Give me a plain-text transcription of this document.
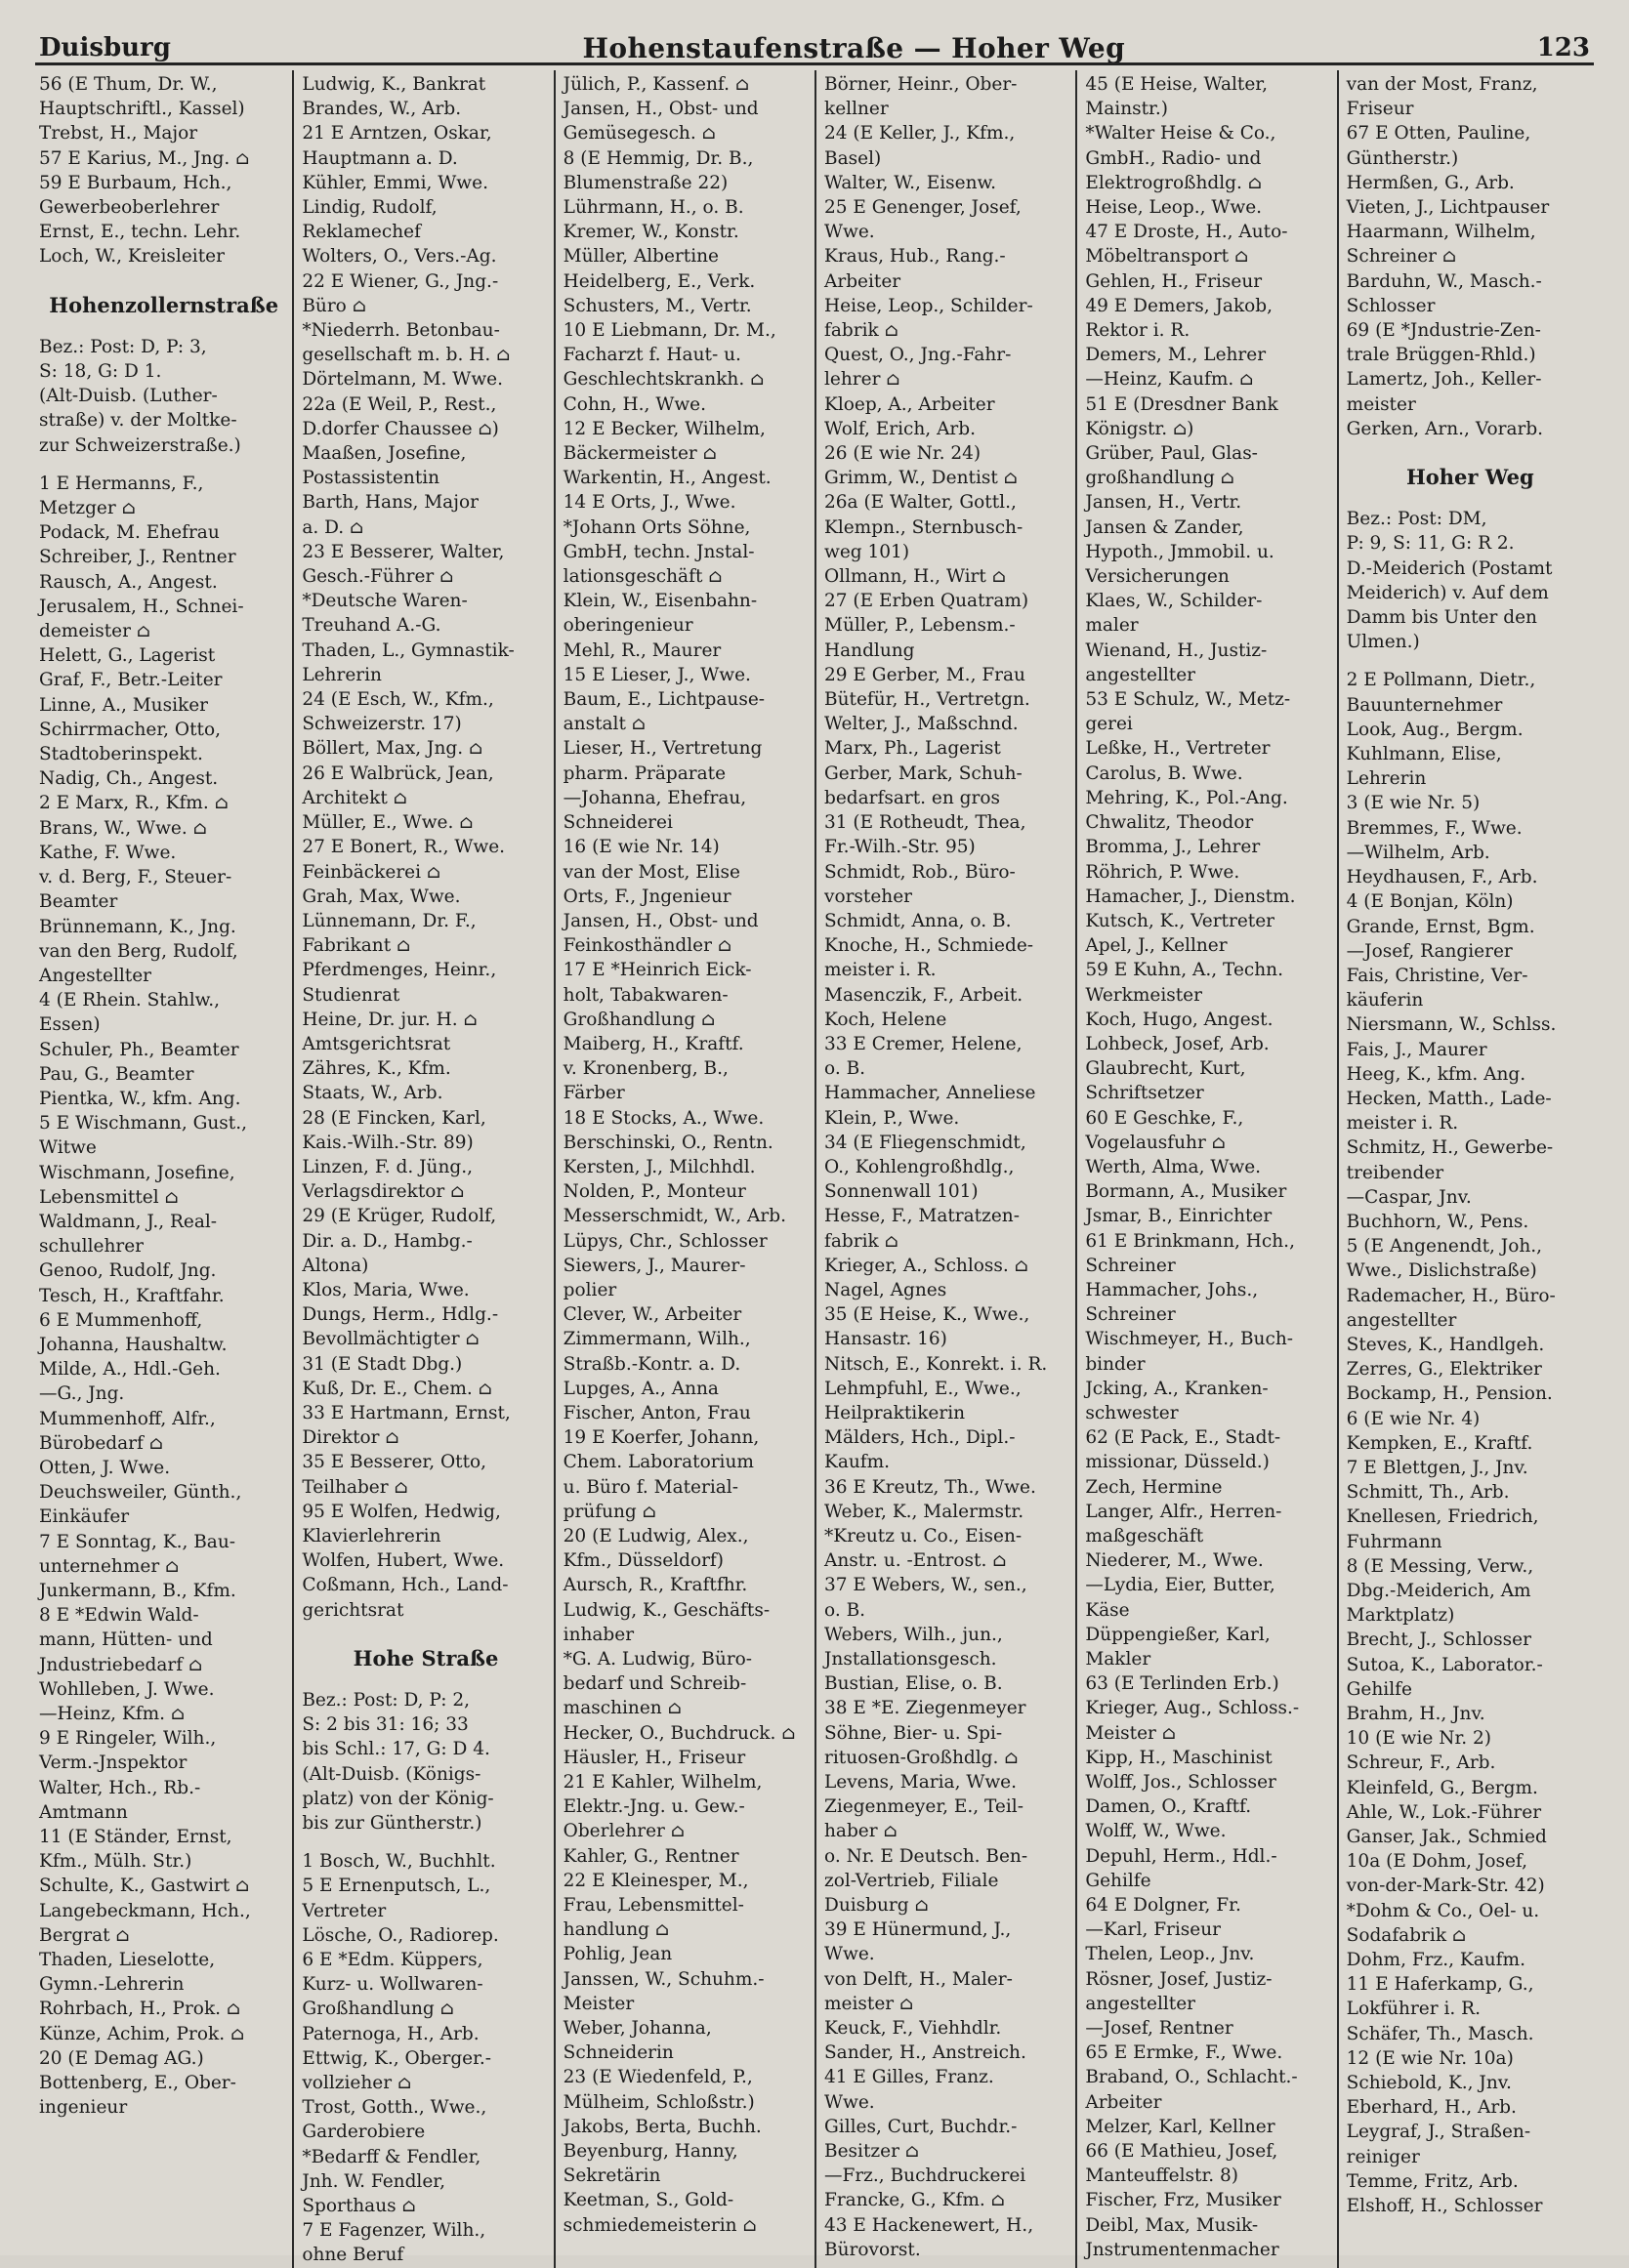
Duisburg	Hohenstaufenstraße — Hoher Weg	123
56 (E Thum, Dr. W.,
Hauptschriftl., Kassel)
Trebst, H., Major
57 E Karius, M., Jng. ⌂
59 E Burbaum, Hch.,
Gewerbeoberlehrer
Ernst, E., techn. Lehr.
Loch, W., Kreisleiter
Hohenzollernstraße
Bez.: Post: D, P: 3,
S: 18, G: D 1.
(Alt-Duisb. (Luther-
straße) v. der Moltke-
zur Schweizerstraße.)
1 E Hermanns, F.,
Metzger ⌂
Podack, M. Ehefrau
Schreiber, J., Rentner
Rausch, A., Angest.
Jerusalem, H., Schnei-
demeister ⌂
Helett, G., Lagerist
Graf, F., Betr.-Leiter
Linne, A., Musiker
Schirrmacher, Otto,
Stadtoberinspekt.
Nadig, Ch., Angest.
2 E Marx, R., Kfm. ⌂
Brans, W., Wwe. ⌂
Kathe, F. Wwe.
v. d. Berg, F., Steuer-
Beamter
Brünnemann, K., Jng.
van den Berg, Rudolf,
Angestellter
4 (E Rhein. Stahlw.,
Essen)
Schuler, Ph., Beamter
Pau, G., Beamter
Pientka, W., kfm. Ang.
5 E Wischmann, Gust.,
Witwe
Wischmann, Josefine,
Lebensmittel ⌂
Waldmann, J., Real-
schullehrer
Genoo, Rudolf, Jng.
Tesch, H., Kraftfahr.
6 E Mummenhoff,
Johanna, Haushaltw.
Milde, A., Hdl.-Geh.
—G., Jng.
Mummenhoff, Alfr.,
Bürobedarf ⌂
Otten, J. Wwe.
Deuchsweiler, Günth.,
Einkäufer
7 E Sonntag, K., Bau-
unternehmer ⌂
Junkermann, B., Kfm.
8 E *Edwin Wald-
mann, Hütten- und
Jndustriebedarf ⌂
Wohlleben, J. Wwe.
—Heinz, Kfm. ⌂
9 E Ringeler, Wilh.,
Verm.-Jnspektor
Walter, Hch., Rb.-
Amtmann
11 (E Ständer, Ernst,
Kfm., Mülh. Str.)
Schulte, K., Gastwirt ⌂
Langebeckmann, Hch.,
Bergrat ⌂
Thaden, Lieselotte,
Gymn.-Lehrerin
Rohrbach, H., Prok. ⌂
Künze, Achim, Prok. ⌂
20 (E Demag AG.)
Bottenberg, E., Ober-
ingenieur
Ludwig, K., Bankrat
Brandes, W., Arb.
21 E Arntzen, Oskar,
Hauptmann a. D.
Kühler, Emmi, Wwe.
Lindig, Rudolf,
Reklamechef
Wolters, O., Vers.-Ag.
22 E Wiener, G., Jng.-
Büro ⌂
*Niederrh. Betonbau-
gesellschaft m. b. H. ⌂
Dörtelmann, M. Wwe.
22a (E Weil, P., Rest.,
D.dorfer Chaussee ⌂)
Maaßen, Josefine,
Postassistentin
Barth, Hans, Major
a. D. ⌂
23 E Besserer, Walter,
Gesch.-Führer ⌂
*Deutsche Waren-
Treuhand A.-G.
Thaden, L., Gymnastik-
Lehrerin
24 (E Esch, W., Kfm.,
Schweizerstr. 17)
Böllert, Max, Jng. ⌂
26 E Walbrück, Jean,
Architekt ⌂
Müller, E., Wwe. ⌂
27 E Bonert, R., Wwe.
Feinbäckerei ⌂
Grah, Max, Wwe.
Lünnemann, Dr. F.,
Fabrikant ⌂
Pferdmenges, Heinr.,
Studienrat
Heine, Dr. jur. H. ⌂
Amtsgerichtsrat
Zähres, K., Kfm.
Staats, W., Arb.
28 (E Fincken, Karl,
Kais.-Wilh.-Str. 89)
Linzen, F. d. Jüng.,
Verlagsdirektor ⌂
29 (E Krüger, Rudolf,
Dir. a. D., Hambg.-
Altona)
Klos, Maria, Wwe.
Dungs, Herm., Hdlg.-
Bevollmächtigter ⌂
31 (E Stadt Dbg.)
Kuß, Dr. E., Chem. ⌂
33 E Hartmann, Ernst,
Direktor ⌂
35 E Besserer, Otto,
Teilhaber ⌂
95 E Wolfen, Hedwig,
Klavierlehrerin
Wolfen, Hubert, Wwe.
Coßmann, Hch., Land-
gerichtsrat
Hohe Straße
Bez.: Post: D, P: 2,
S: 2 bis 31: 16; 33
bis Schl.: 17, G: D 4.
(Alt-Duisb. (Königs-
platz) von der König-
bis zur Güntherstr.)
1 Bosch, W., Buchhlt.
5 E Ernenputsch, L.,
Vertreter
Lösche, O., Radiorep.
6 E *Edm. Küppers,
Kurz- u. Wollwaren-
Großhandlung ⌂
Paternoga, H., Arb.
Ettwig, K., Oberger.-
vollzieher ⌂
Trost, Gotth., Wwe.,
Garderobiere
*Bedarff & Fendler,
Jnh. W. Fendler,
Sporthaus ⌂
7 E Fagenzer, Wilh.,
ohne Beruf
Jülich, P., Kassenf. ⌂
Jansen, H., Obst- und
Gemüsegesch. ⌂
8 (E Hemmig, Dr. B.,
Blumenstraße 22)
Lührmann, H., o. B.
Kremer, W., Konstr.
Müller, Albertine
Heidelberg, E., Verk.
Schusters, M., Vertr.
10 E Liebmann, Dr. M.,
Facharzt f. Haut- u.
Geschlechtskrankh. ⌂
Cohn, H., Wwe.
12 E Becker, Wilhelm,
Bäckermeister ⌂
Warkentin, H., Angest.
14 E Orts, J., Wwe.
*Johann Orts Söhne,
GmbH, techn. Jnstal-
lationsgeschäft ⌂
Klein, W., Eisenbahn-
oberingenieur
Mehl, R., Maurer
15 E Lieser, J., Wwe.
Baum, E., Lichtpause-
anstalt ⌂
Lieser, H., Vertretung
pharm. Präparate
—Johanna, Ehefrau,
Schneiderei
16 (E wie Nr. 14)
van der Most, Elise
Orts, F., Jngenieur
Jansen, H., Obst- und
Feinkosthändler ⌂
17 E *Heinrich Eick-
holt, Tabakwaren-
Großhandlung ⌂
Maiberg, H., Kraftf.
v. Kronenberg, B.,
Färber
18 E Stocks, A., Wwe.
Berschinski, O., Rentn.
Kersten, J., Milchhdl.
Nolden, P., Monteur
Messerschmidt, W., Arb.
Lüpys, Chr., Schlosser
Siewers, J., Maurer-
polier
Clever, W., Arbeiter
Zimmermann, Wilh.,
Straßb.-Kontr. a. D.
Lupges, A., Anna
Fischer, Anton, Frau
19 E Koerfer, Johann,
Chem. Laboratorium
u. Büro f. Material-
prüfung ⌂
20 (E Ludwig, Alex.,
Kfm., Düsseldorf)
Aursch, R., Kraftfhr.
Ludwig, K., Geschäfts-
inhaber
*G. A. Ludwig, Büro-
bedarf und Schreib-
maschinen ⌂
Hecker, O., Buchdruck. ⌂
Häusler, H., Friseur
21 E Kahler, Wilhelm,
Elektr.-Jng. u. Gew.-
Oberlehrer ⌂
Kahler, G., Rentner
22 E Kleinesper, M.,
Frau, Lebensmittel-
handlung ⌂
Pohlig, Jean
Janssen, W., Schuhm.-
Meister
Weber, Johanna,
Schneiderin
23 (E Wiedenfeld, P.,
Mülheim, Schloßstr.)
Jakobs, Berta, Buchh.
Beyenburg, Hanny,
Sekretärin
Keetman, S., Gold-
schmiedemeisterin ⌂
Börner, Heinr., Ober-
kellner
24 (E Keller, J., Kfm.,
Basel)
Walter, W., Eisenw.
25 E Genenger, Josef,
Wwe.
Kraus, Hub., Rang.-
Arbeiter
Heise, Leop., Schilder-
fabrik ⌂
Quest, O., Jng.-Fahr-
lehrer ⌂
Kloep, A., Arbeiter
Wolf, Erich, Arb.
26 (E wie Nr. 24)
Grimm, W., Dentist ⌂
26a (E Walter, Gottl.,
Klempn., Sternbusch-
weg 101)
Ollmann, H., Wirt ⌂
27 (E Erben Quatram)
Müller, P., Lebensm.-
Handlung
29 E Gerber, M., Frau
Bütefür, H., Vertretgn.
Welter, J., Maßschnd.
Marx, Ph., Lagerist
Gerber, Mark, Schuh-
bedarfsart. en gros
31 (E Rotheudt, Thea,
Fr.-Wilh.-Str. 95)
Schmidt, Rob., Büro-
vorsteher
Schmidt, Anna, o. B.
Knoche, H., Schmiede-
meister i. R.
Masenczik, F., Arbeit.
Koch, Helene
33 E Cremer, Helene,
o. B.
Hammacher, Anneliese
Klein, P., Wwe.
34 (E Fliegenschmidt,
O., Kohlengroßhdlg.,
Sonnenwall 101)
Hesse, F., Matratzen-
fabrik ⌂
Krieger, A., Schloss. ⌂
Nagel, Agnes
35 (E Heise, K., Wwe.,
Hansastr. 16)
Nitsch, E., Konrekt. i. R.
Lehmpfuhl, E., Wwe.,
Heilpraktikerin
Mälders, Hch., Dipl.-
Kaufm.
36 E Kreutz, Th., Wwe.
Weber, K., Malermstr.
*Kreutz u. Co., Eisen-
Anstr. u. -Entrost. ⌂
37 E Webers, W., sen.,
o. B.
Webers, Wilh., jun.,
Jnstallationsgesch.
Bustian, Elise, o. B.
38 E *E. Ziegenmeyer
Söhne, Bier- u. Spi-
rituosen-Großhdlg. ⌂
Levens, Maria, Wwe.
Ziegenmeyer, E., Teil-
haber ⌂
o. Nr. E Deutsch. Ben-
zol-Vertrieb, Filiale
Duisburg ⌂
39 E Hünermund, J.,
Wwe.
von Delft, H., Maler-
meister ⌂
Keuck, F., Viehhdlr.
Sander, H., Anstreich.
41 E Gilles, Franz.
Wwe.
Gilles, Curt, Buchdr.-
Besitzer ⌂
—Frz., Buchdruckerei
Francke, G., Kfm. ⌂
43 E Hackenewert, H.,
Bürovorst.
45 (E Heise, Walter,
Mainstr.)
*Walter Heise & Co.,
GmbH., Radio- und
Elektrogroßhdlg. ⌂
Heise, Leop., Wwe.
47 E Droste, H., Auto-
Möbeltransport ⌂
Gehlen, H., Friseur
49 E Demers, Jakob,
Rektor i. R.
Demers, M., Lehrer
—Heinz, Kaufm. ⌂
51 E (Dresdner Bank
Königstr. ⌂)
Grüber, Paul, Glas-
großhandlung ⌂
Jansen, H., Vertr.
Jansen & Zander,
Hypoth., Jmmobil. u.
Versicherungen
Klaes, W., Schilder-
maler
Wienand, H., Justiz-
angestellter
53 E Schulz, W., Metz-
gerei
Leßke, H., Vertreter
Carolus, B. Wwe.
Mehring, K., Pol.-Ang.
Chwalitz, Theodor
Bromma, J., Lehrer
Röhrich, P. Wwe.
Hamacher, J., Dienstm.
Kutsch, K., Vertreter
Apel, J., Kellner
59 E Kuhn, A., Techn.
Werkmeister
Koch, Hugo, Angest.
Lohbeck, Josef, Arb.
Glaubrecht, Kurt,
Schriftsetzer
60 E Geschke, F.,
Vogelausfuhr ⌂
Werth, Alma, Wwe.
Bormann, A., Musiker
Jsmar, B., Einrichter
61 E Brinkmann, Hch.,
Schreiner
Hammacher, Johs.,
Schreiner
Wischmeyer, H., Buch-
binder
Jcking, A., Kranken-
schwester
62 (E Pack, E., Stadt-
missionar, Düsseld.)
Zech, Hermine
Langer, Alfr., Herren-
maßgeschäft
Niederer, M., Wwe.
—Lydia, Eier, Butter,
Käse
Düppengießer, Karl,
Makler
63 (E Terlinden Erb.)
Krieger, Aug., Schloss.-
Meister ⌂
Kipp, H., Maschinist
Wolff, Jos., Schlosser
Damen, O., Kraftf.
Wolff, W., Wwe.
Depuhl, Herm., Hdl.-
Gehilfe
64 E Dolgner, Fr.
—Karl, Friseur
Thelen, Leop., Jnv.
Rösner, Josef, Justiz-
angestellter
—Josef, Rentner
65 E Ermke, F., Wwe.
Braband, O., Schlacht.-
Arbeiter
Melzer, Karl, Kellner
66 (E Mathieu, Josef,
Manteuffelstr. 8)
Fischer, Frz, Musiker
Deibl, Max, Musik-
Jnstrumentenmacher
van der Most, Franz,
Friseur
67 E Otten, Pauline,
Güntherstr.)
Hermßen, G., Arb.
Vieten, J., Lichtpauser
Haarmann, Wilhelm,
Schreiner ⌂
Barduhn, W., Masch.-
Schlosser
69 (E *Jndustrie-Zen-
trale Brüggen-Rhld.)
Lamertz, Joh., Keller-
meister
Gerken, Arn., Vorarb.
Hoher Weg
Bez.: Post: DM,
P: 9, S: 11, G: R 2.
D.-Meiderich (Postamt
Meiderich) v. Auf dem
Damm bis Unter den
Ulmen.)
2 E Pollmann, Dietr.,
Bauunternehmer
Look, Aug., Bergm.
Kuhlmann, Elise,
Lehrerin
3 (E wie Nr. 5)
Bremmes, F., Wwe.
—Wilhelm, Arb.
Heydhausen, F., Arb.
4 (E Bonjan, Köln)
Grande, Ernst, Bgm.
—Josef, Rangierer
Fais, Christine, Ver-
käuferin
Niersmann, W., Schlss.
Fais, J., Maurer
Heeg, K., kfm. Ang.
Hecken, Matth., Lade-
meister i. R.
Schmitz, H., Gewerbe-
treibender
—Caspar, Jnv.
Buchhorn, W., Pens.
5 (E Angenendt, Joh.,
Wwe., Dislichstraße)
Rademacher, H., Büro-
angestellter
Steves, K., Handlgeh.
Zerres, G., Elektriker
Bockamp, H., Pension.
6 (E wie Nr. 4)
Kempken, E., Kraftf.
7 E Blettgen, J., Jnv.
Schmitt, Th., Arb.
Knellesen, Friedrich,
Fuhrmann
8 (E Messing, Verw.,
Dbg.-Meiderich, Am
Marktplatz)
Brecht, J., Schlosser
Sutoa, K., Laborator.-
Gehilfe
Brahm, H., Jnv.
10 (E wie Nr. 2)
Schreur, F., Arb.
Kleinfeld, G., Bergm.
Ahle, W., Lok.-Führer
Ganser, Jak., Schmied
10a (E Dohm, Josef,
von-der-Mark-Str. 42)
*Dohm & Co., Oel- u.
Sodafabrik ⌂
Dohm, Frz., Kaufm.
11 E Haferkamp, G.,
Lokführer i. R.
Schäfer, Th., Masch.
12 (E wie Nr. 10a)
Schiebold, K., Jnv.
Eberhard, H., Arb.
Leygraf, J., Straßen-
reiniger
Temme, Fritz, Arb.
Elshoff, H., Schlosser
